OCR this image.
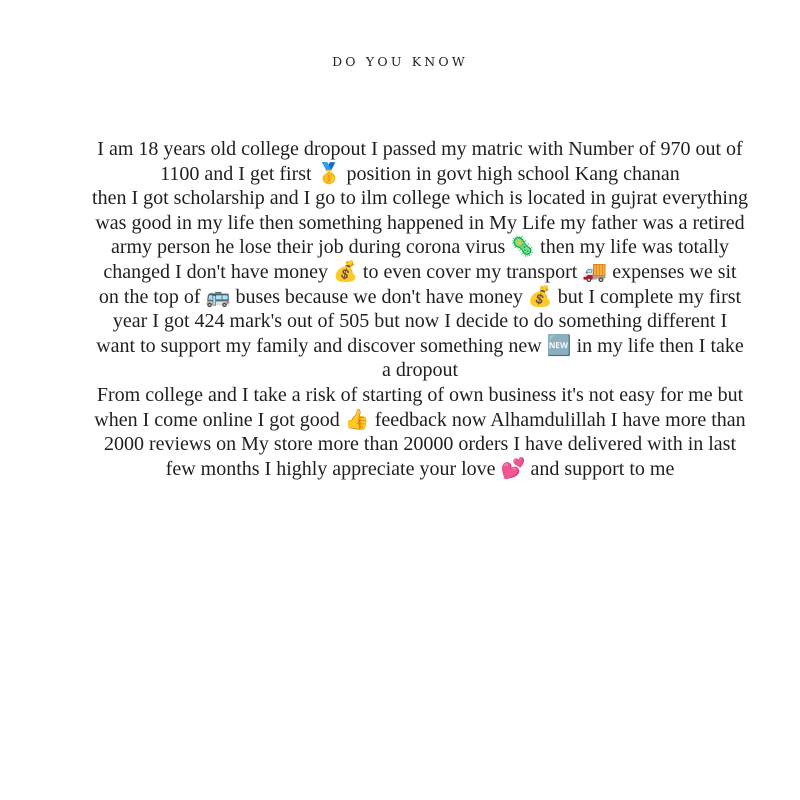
DO YOU KNOW

I am 18 years old college dropout I passed my matric with Number of 970 out of 1100 and I get first 🥇 position in govt high school Kang chanan

then I got scholarship and I go to ilm college which is located in gujrat everything was good in my life then something happened in My Life my father was a retired army person he lose their job during corona virus 🦠 then my life was totally changed I don't have money 💰 to even cover my transport 🚚 expenses we sit on the top of 🚌 buses because we don't have money 💰 but I complete my first year I got 424 mark's out of 505 but now I decide to do something different I want to support my family and discover something new 🆕 in my life then I take a dropout

From college and I take a risk of starting of own business it's not easy for me but when I come online I got good 👍 feedback now Alhamdulillah I have more than 2000 reviews on My store more than 20000 orders I have delivered with in last few months I highly appreciate your love 💕 and support to me
